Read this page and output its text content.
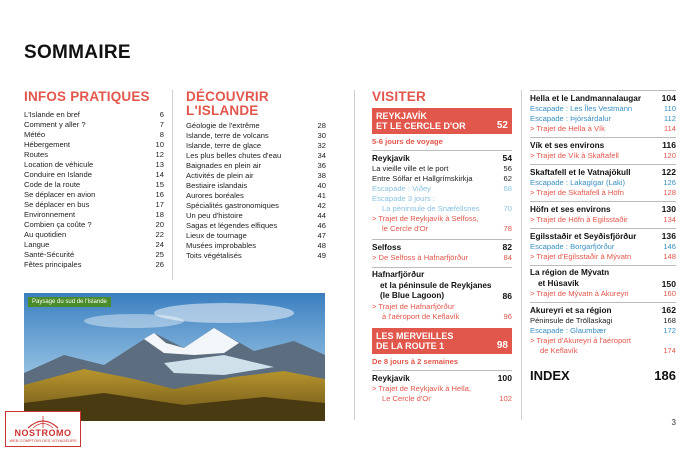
SOMMAIRE
INFOS PRATIQUES
L'Islande en bref	6
Comment y aller ?	7
Météo	8
Hébergement	10
Routes	12
Location de véhicule	13
Conduire en Islande	14
Code de la route	15
Se déplacer en avion	16
Se déplacer en bus	17
Environnement	18
Combien ça coûte ?	20
Au quotidien	22
Langue	24
Santé-Sécurité	25
Fêtes principales	26
DÉCOUVRIR
L'ISLANDE
Géologie de l'extrême	28
Islande, terre de volcans	30
Islande, terre de glace	32
Les plus belles chutes d'eau	34
Baignades en plein air	36
Activités de plein air	38
Bestiaire islandais	40
Aurores boréales	41
Spécialités gastronomiques	42
Un peu d'histoire	44
Sagas et légendes elfiques	46
Lieux de tournage	47
Musées improbables	48
Toits végétalisés	49
VISITER
REYKJAVÍK
ET LE CERCLE D'OR	52
5-6 jours de voyage
Reykjavík	54
La vieille ville et le port	56
Entre Sólfar et Hallgrímskirkja	62
Escapade : Viðey	68
Escapade 3 jours :
La péninsule de Snæfellsnes	70
> Trajet de Reykjavík à Selfoss,
le Cercle d'Or	78
Selfoss	82
> De Selfoss à Hafnarfjörður	84
Hafnarfjörður
et la péninsule de Reykjanes
(le Blue Lagoon)	86
> Trajet de Hafnarfjörður
à l'aéroport de Keflavík	96
LES MERVEILLES
DE LA ROUTE 1	98
De 8 jours à 2 semaines
Reykjavík	100
> Trajet de Reykjavík à Hella,
Le Cercle d'Or	102
Hella et le Landmannalaugar 104
Escapade : Les Îles Vestmann	110
Escapade : Þjórsárdalur	112
> Trajet de Hella à Vík	114
Vík et ses environs	116
> Trajet de Vík à Skaftafell	120
Skaftafell et le Vatnajökull	122
Escapade : Lakagígar (Laki)	126
> Trajet de Skaftafell à Höfn	128
Höfn et ses environs	130
> Trajet de Höfn à Egilsstaðir	134
Egilsstaðir et Seyðisfjörður	136
Escapade : Borgarfjörður	146
> Trajet d'Egilsstaðir à Mývatn	148
La région de Mývatn
et Húsavík	150
> Trajet de Mývatn à Akureyri	160
Akureyri et sa région	162
Péninsule de Tröllaskagi	168
Escapade : Glaumbær	172
> Trajet d'Akureyri à l'aéroport
de Keflavík	174
INDEX	186
Paysage du sud de l'Islande
NOSTROMO
WEB COMPTOIR DES VOYAGEURS
3
